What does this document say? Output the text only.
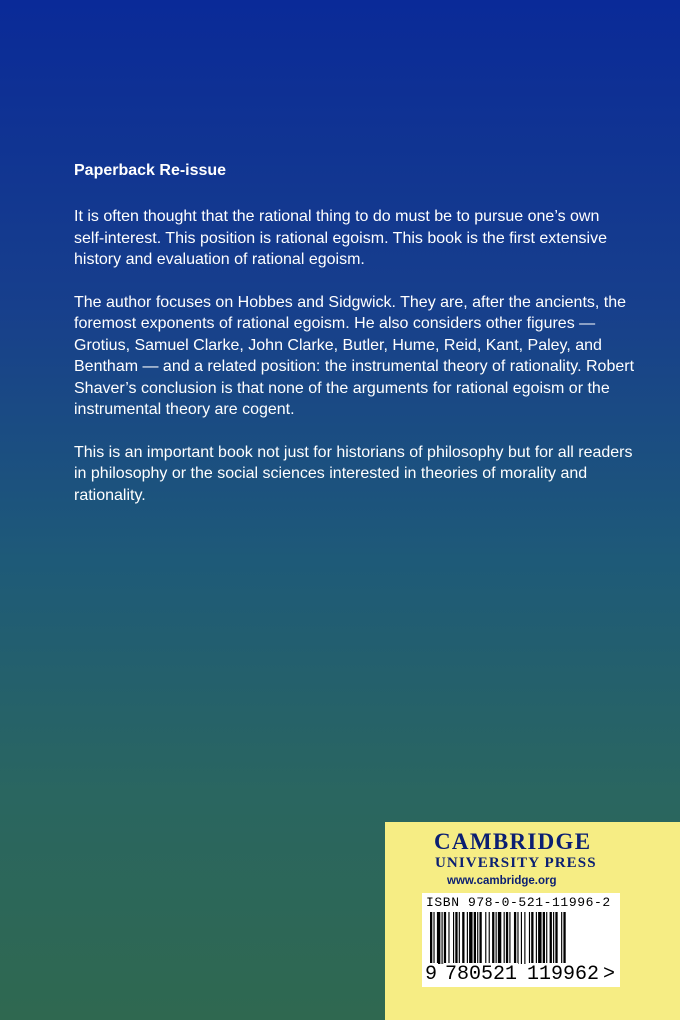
Paperback Re-issue

It is often thought that the rational thing to do must be to pursue one’s own self-interest. This position is rational egoism. This book is the first extensive history and evaluation of rational egoism.

The author focuses on Hobbes and Sidgwick. They are, after the ancients, the foremost exponents of rational egoism. He also considers other figures — Grotius, Samuel Clarke, John Clarke, Butler, Hume, Reid, Kant, Paley, and Bentham — and a related position: the instrumental theory of rationality. Robert Shaver’s conclusion is that none of the arguments for rational egoism or the instrumental theory are cogent.

This is an important book not just for historians of philosophy but for all readers in philosophy or the social sciences interested in theories of morality and rationality.

CAMBRIDGE
UNIVERSITY PRESS
www.cambridge.org
ISBN 978-0-521-11996-2
9 780521 119962 >
